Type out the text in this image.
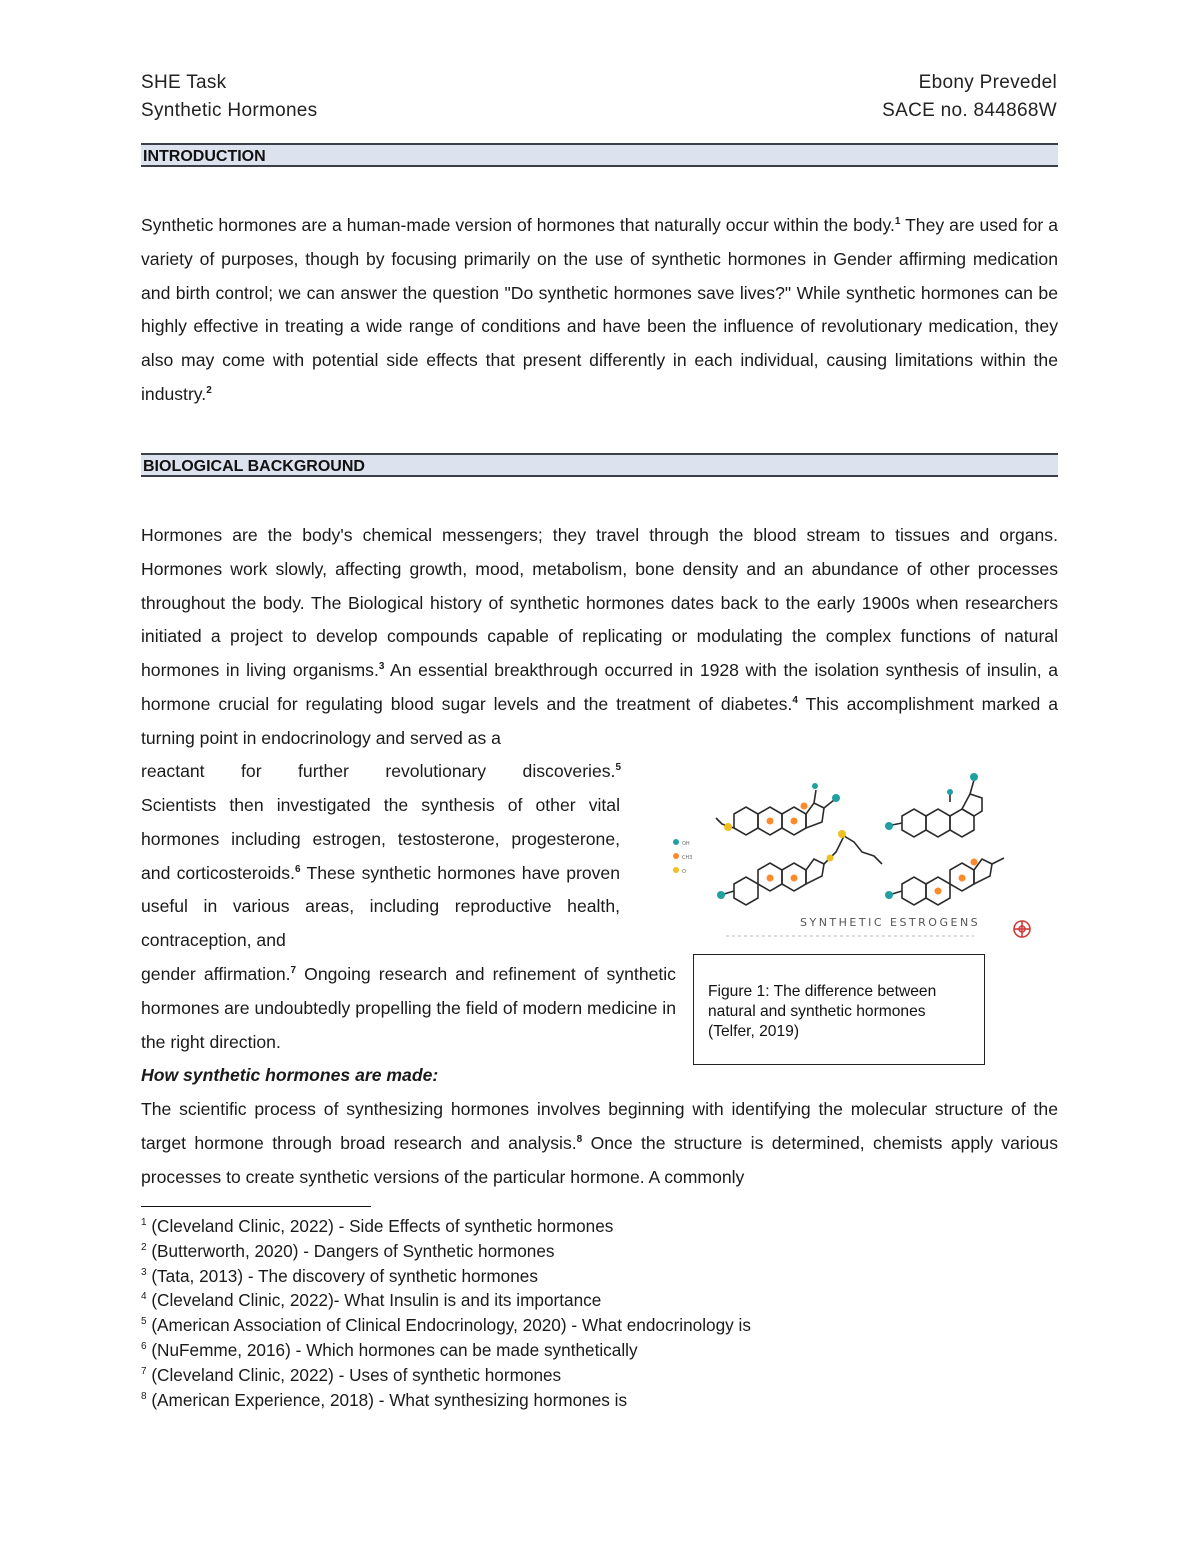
SHE Task
Synthetic Hormones
Ebony Prevedel
SACE no. 844868W
INTRODUCTION

Synthetic hormones are a human-made version of hormones that naturally occur within the body.$^1$ They are used for a variety of purposes, though by focusing primarily on the use of synthetic hormones in Gender affirming medication and birth control; we can answer the question "Do synthetic hormones save lives?" While synthetic hormones can be highly effective in treating a wide range of conditions and have been the influence of revolutionary medication, they also may come with potential side effects that present differently in each individual, causing limitations within the industry.$^2$

BIOLOGICAL BACKGROUND

Hormones are the body's chemical messengers; they travel through the blood stream to tissues and organs. Hormones work slowly, affecting growth, mood, metabolism, bone density and an abundance of other processes throughout the body. The Biological history of synthetic hormones dates back to the early 1900s when researchers initiated a project to develop compounds capable of replicating or modulating the complex functions of natural hormones in living organisms.$^3$ An essential breakthrough occurred in 1928 with the isolation synthesis of insulin, a hormone crucial for regulating blood sugar levels and the treatment of diabetes.$^4$ This accomplishment marked a turning point in endocrinology and served as a

reactant for further revolutionary discoveries.$^5$

Scientists then investigated the synthesis of other vital hormones including estrogen, testosterone, progesterone, and corticosteroids.$^6$ These synthetic hormones have proven useful in various areas, including reproductive health, contraception, and

gender affirmation.$^7$ Ongoing research and refinement of synthetic hormones are undoubtedly propelling the field of modern medicine in the right direction.

OH
CH3
O
SYNTHETIC ESTROGENS
Figure 1: The difference between natural and synthetic hormones (Telfer, 2019)
How synthetic hormones are made:

The scientific process of synthesizing hormones involves beginning with identifying the molecular structure of the target hormone through broad research and analysis.$^8$ Once the structure is determined, chemists apply various processes to create synthetic versions of the particular hormone. A commonly

$^1$ (Cleveland Clinic, 2022) - Side Effects of synthetic hormones
$^2$ (Butterworth, 2020) - Dangers of Synthetic hormones
$^3$ (Tata, 2013) - The discovery of synthetic hormones
$^4$ (Cleveland Clinic, 2022)- What Insulin is and its importance
$^5$ (American Association of Clinical Endocrinology, 2020) - What endocrinology is
$^6$ (NuFemme, 2016) - Which hormones can be made synthetically
$^7$ (Cleveland Clinic, 2022) - Uses of synthetic hormones
$^8$ (American Experience, 2018) - What synthesizing hormones is
